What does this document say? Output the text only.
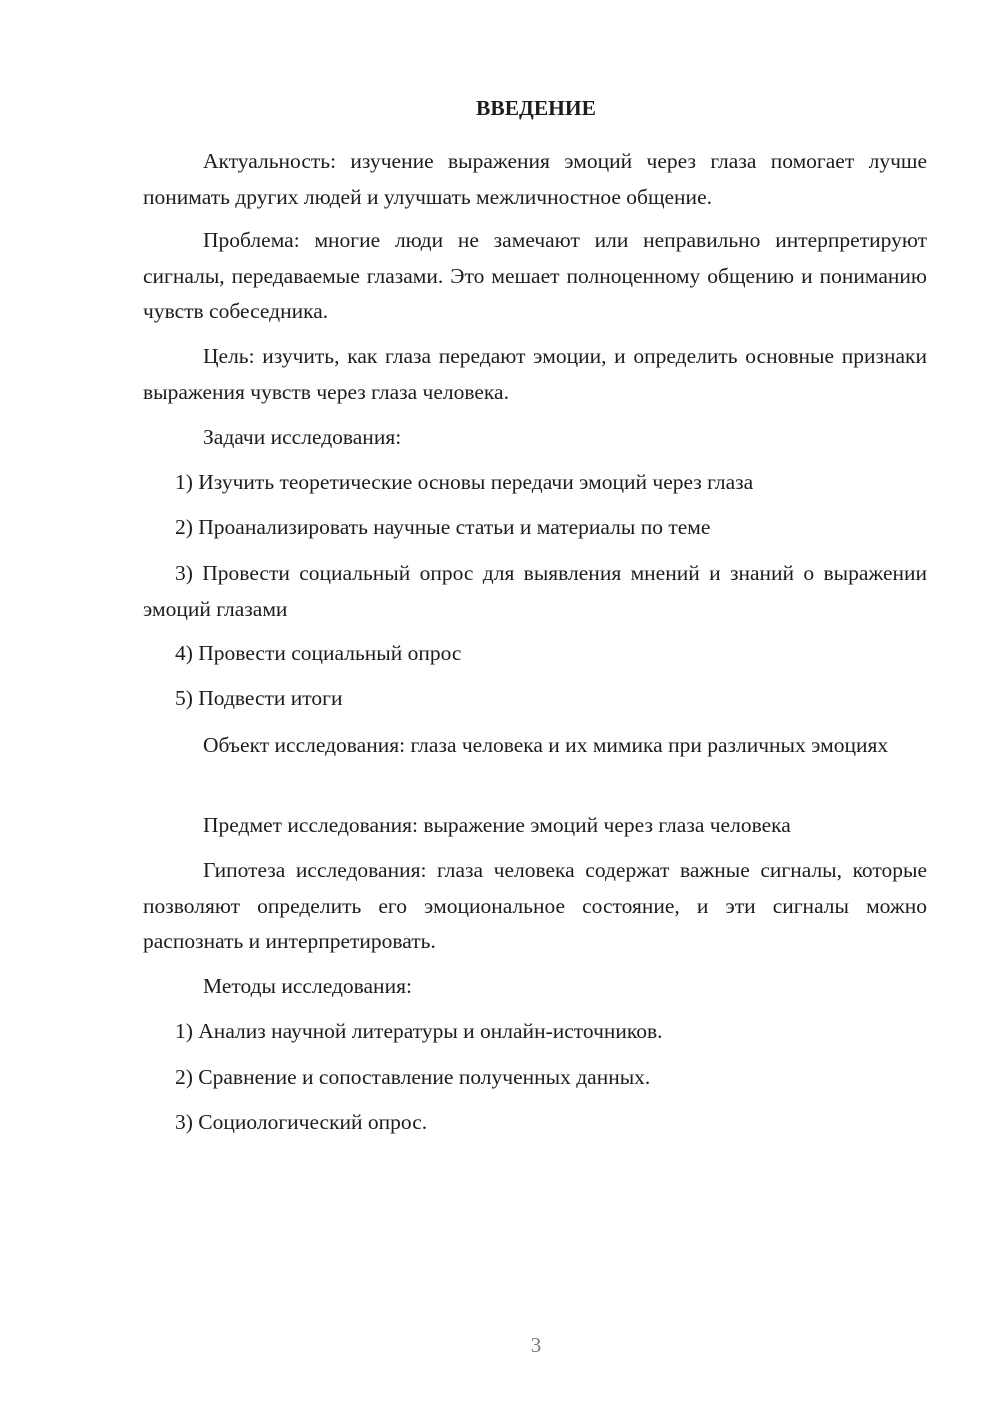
ВВЕДЕНИЕ

Актуальность: изучение выражения эмоций через глаза помогает лучше понимать других людей и улучшать межличностное общение.

Проблема: многие люди не замечают или неправильно интерпретируют сигналы, передаваемые глазами. Это мешает полноценному общению и пониманию чувств собеседника.

Цель: изучить, как глаза передают эмоции, и определить основные признаки выражения чувств через глаза человека.

Задачи исследования:

1) Изучить теоретические основы передачи эмоций через глаза

2) Проанализировать научные статьи и материалы по теме

3) Провести социальный опрос для выявления мнений и знаний о выражении эмоций глазами

4) Провести социальный опрос

5) Подвести итоги

Объект исследования: глаза человека и их мимика при различных эмоциях

Предмет исследования: выражение эмоций через глаза человека

Гипотеза исследования: глаза человека содержат важные сигналы, которые позволяют определить его эмоциональное состояние, и эти сигналы можно распознать и интерпретировать.

Методы исследования:

1) Анализ научной литературы и онлайн-источников.

2) Сравнение и сопоставление полученных данных.

3) Социологический опрос.

3
